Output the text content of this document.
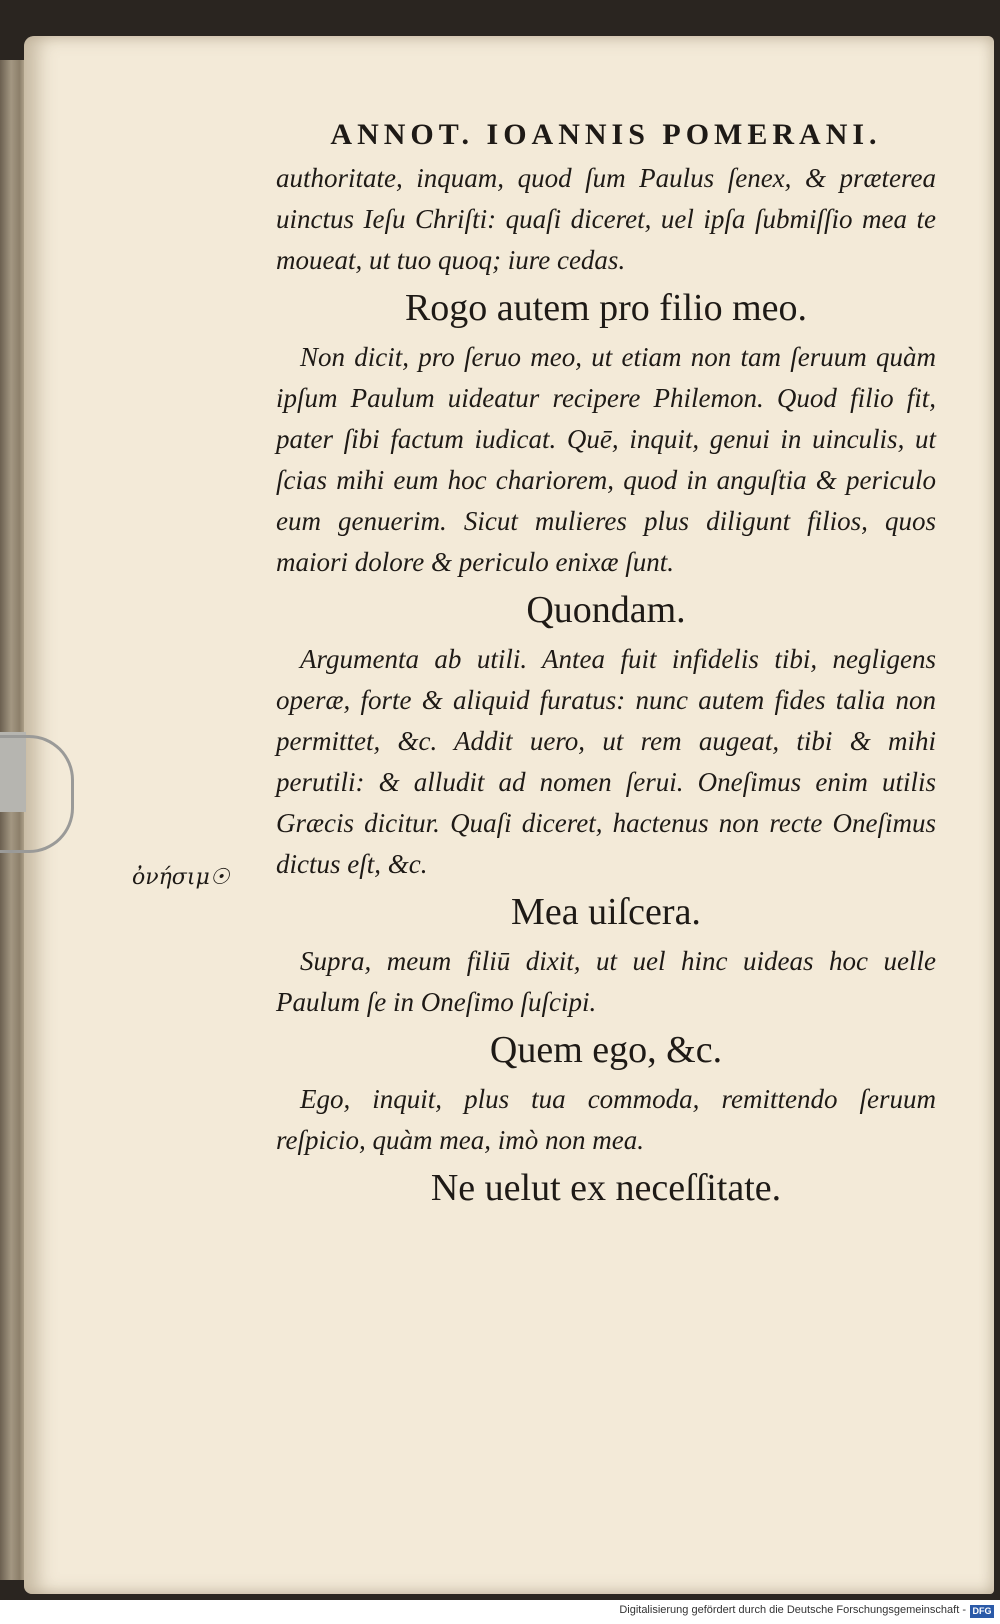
ὀνήσιμ☉
ANNOT. IOANNIS POMERANI.

authoritate, inquam, quod ſum Paulus ſenex, & præterea uinctus Ieſu Chriſti: quaſi diceret, uel ipſa ſubmiſſio mea te moueat, ut tuo quoq; iure cedas.

Rogo autem pro filio meo.

Non dicit, pro ſeruo meo, ut etiam non tam ſeruum quàm ipſum Paulum uideatur recipere Philemon. Quod filio fit, pater ſibi factum iudicat. Quē, inquit, genui in uinculis, ut ſcias mihi eum hoc chariorem, quod in anguſtia & periculo eum genuerim. Sicut mulieres plus diligunt filios, quos maiori dolore & periculo enixæ ſunt.

Quondam.

Argumenta ab utili. Antea fuit infidelis tibi, negligens operæ, forte & aliquid furatus: nunc autem fides talia non permittet, &c. Addit uero, ut rem augeat, tibi & mihi perutili: & alludit ad nomen ſerui. Oneſimus enim utilis Græcis dicitur. Quaſi diceret, hactenus non recte Oneſimus dictus eſt, &c.

Mea uiſcera.

Supra, meum filiū dixit, ut uel hinc uideas hoc uelle Paulum ſe in Oneſimo ſuſcipi.

Quem ego, &c.

Ego, inquit, plus tua commoda, remittendo ſeruum reſpicio, quàm mea, imò non mea.

Ne uelut ex neceſſitate.
Digitalisierung gefördert durch die Deutsche Forschungsgemeinschaft - DFG
